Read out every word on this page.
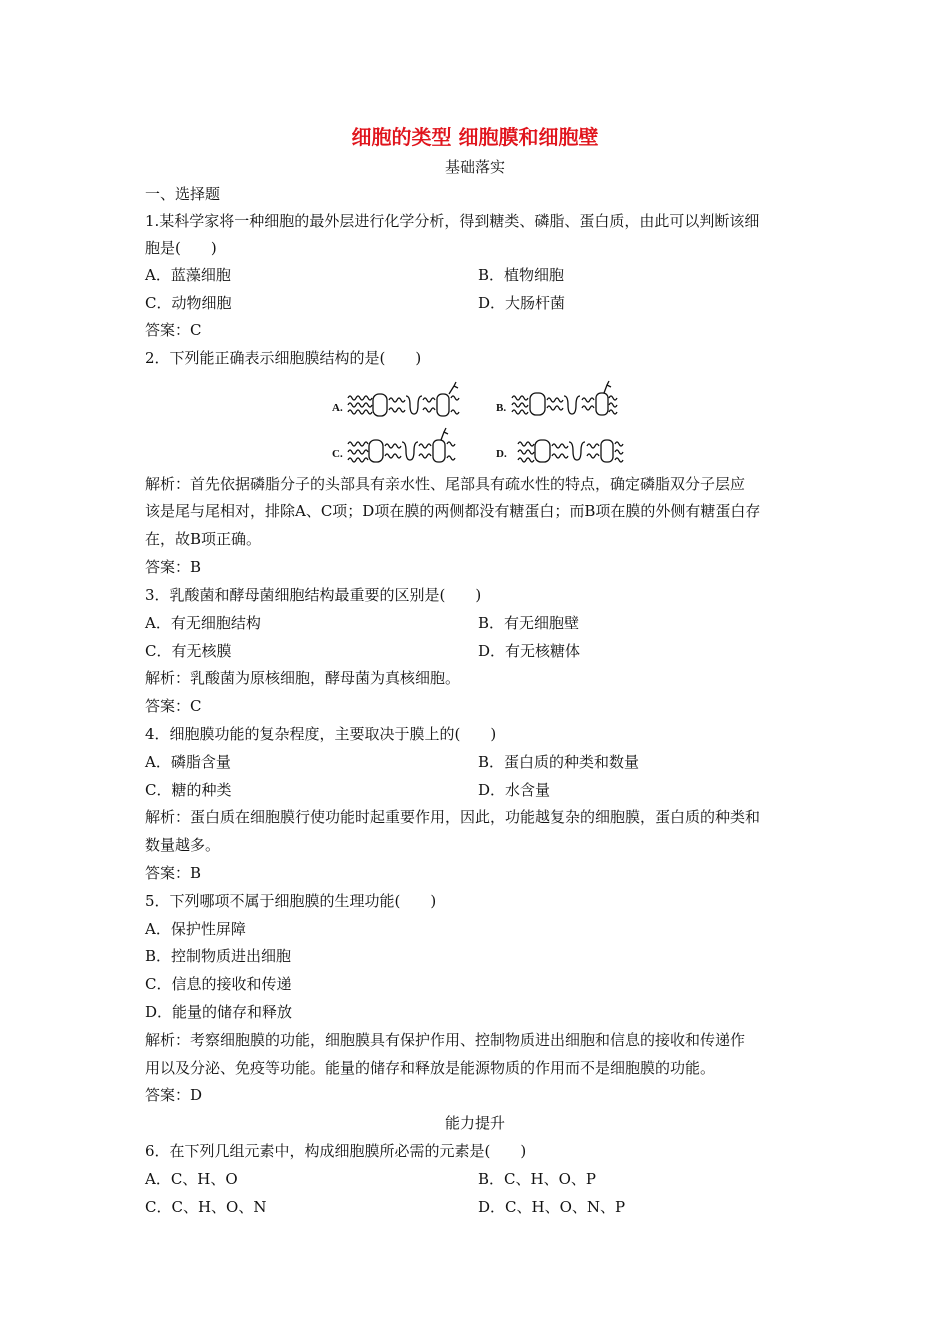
细胞的类型 细胞膜和细胞壁
基础落实
一、选择题
1.某科学家将一种细胞的最外层进行化学分析，得到糖类、磷脂、蛋白质，由此可以判断该细
胞是(　　)
A．蓝藻细胞	B．植物细胞
C．动物细胞	D．大肠杆菌
答案：C
2．下列能正确表示细胞膜结构的是(　　)
A.	B.
C.	D.
解析：首先依据磷脂分子的头部具有亲水性、尾部具有疏水性的特点，确定磷脂双分子层应
该是尾与尾相对，排除A、C项；D项在膜的两侧都没有糖蛋白；而B项在膜的外侧有糖蛋白存
在，故B项正确。
答案：B
3．乳酸菌和酵母菌细胞结构最重要的区别是(　　)
A．有无细胞结构	B．有无细胞壁
C．有无核膜	D．有无核糖体
解析：乳酸菌为原核细胞，酵母菌为真核细胞。
答案：C
4．细胞膜功能的复杂程度，主要取决于膜上的(　　)
A．磷脂含量	B．蛋白质的种类和数量
C．糖的种类	D．水含量
解析：蛋白质在细胞膜行使功能时起重要作用，因此，功能越复杂的细胞膜，蛋白质的种类和
数量越多。
答案：B
5．下列哪项不属于细胞膜的生理功能(　　)
A．保护性屏障
B．控制物质进出细胞
C．信息的接收和传递
D．能量的储存和释放
解析：考察细胞膜的功能，细胞膜具有保护作用、控制物质进出细胞和信息的接收和传递作
用以及分泌、免疫等功能。能量的储存和释放是能源物质的作用而不是细胞膜的功能。
答案：D
能力提升
6．在下列几组元素中，构成细胞膜所必需的元素是(　　)
A．C、H、O	B．C、H、O、P
C．C、H、O、N	D．C、H、O、N、P
